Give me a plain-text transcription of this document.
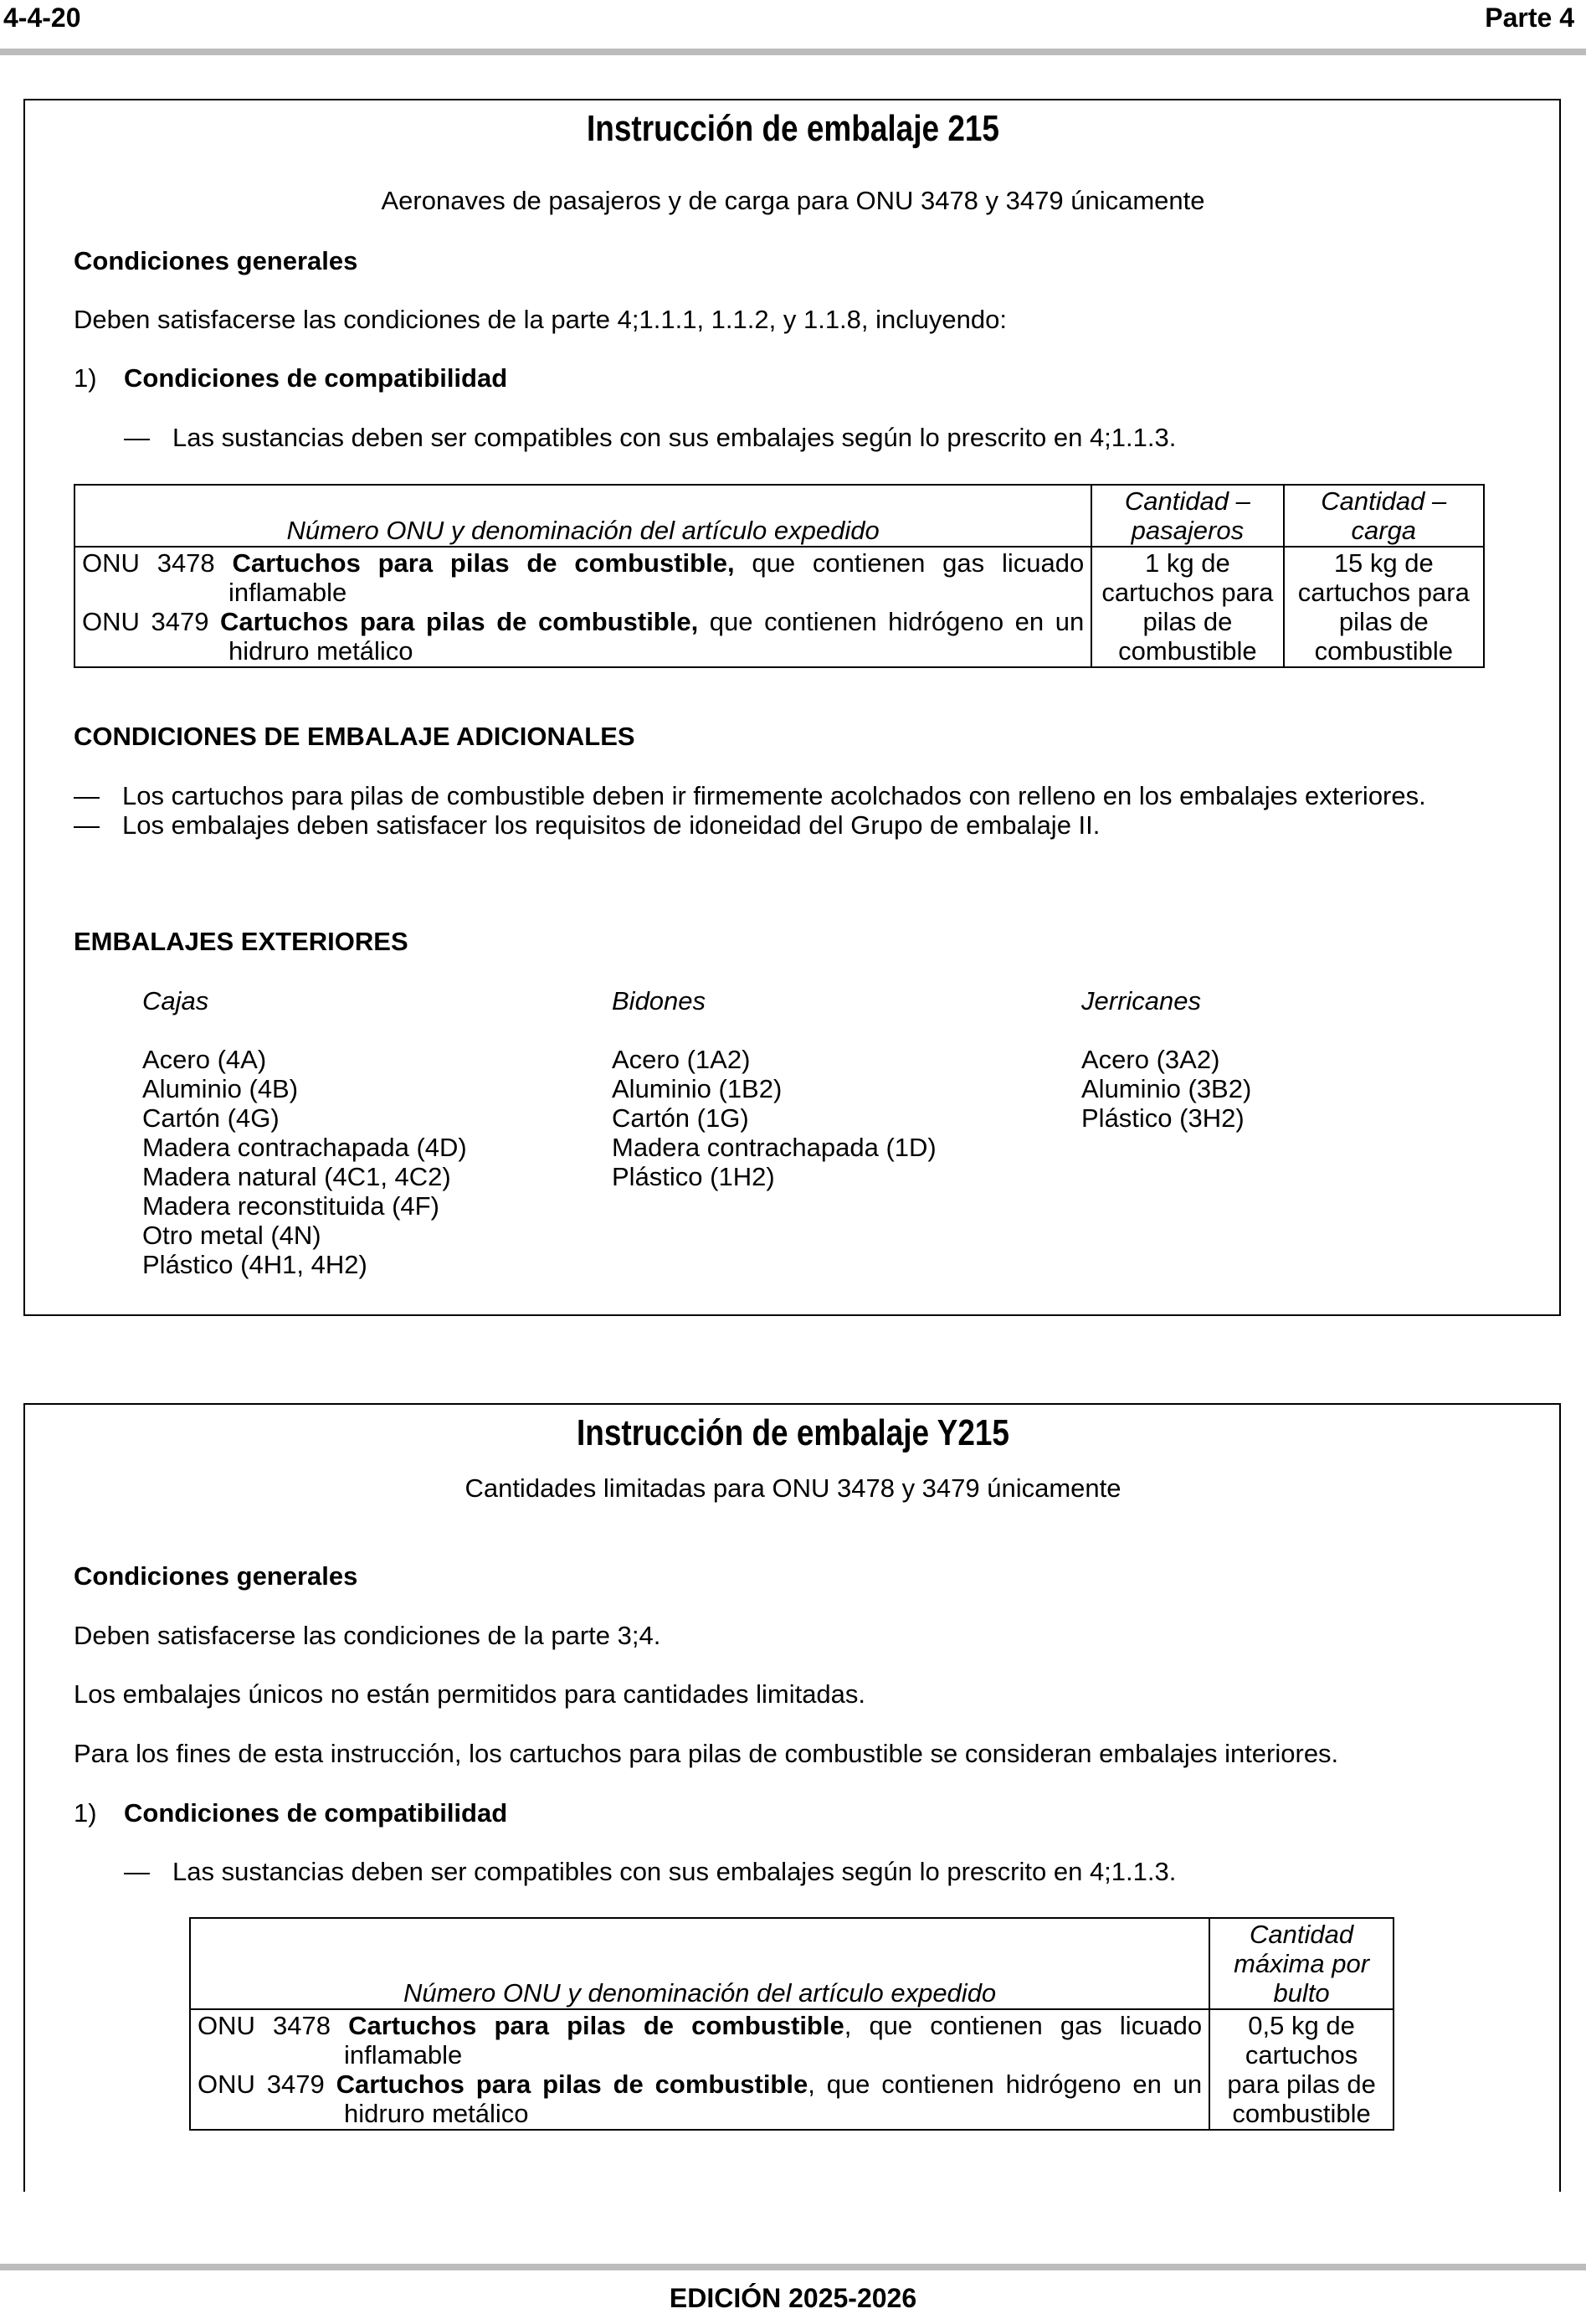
4-4-20	Parte 4
Instrucción de embalaje 215
Aeronaves de pasajeros y de carga para ONU 3478 y 3479 únicamente
Condiciones generales
Deben satisfacerse las condiciones de la parte 4;1.1.1, 1.1.2, y 1.1.8, incluyendo:
1) Condiciones de compatibilidad
— Las sustancias deben ser compatibles con sus embalajes según lo prescrito en 4;1.1.3.
Número ONU y denominación del artículo expedido	Cantidad – pasajeros	Cantidad – carga

ONU 3478 Cartuchos para pilas de combustible, que contienen gas licuado inflamable
ONU 3479 Cartuchos para pilas de combustible, que contienen hidrógeno en un hidruro metálico	1 kg de cartuchos para pilas de combustible	15 kg de cartuchos para pilas de combustible
CONDICIONES DE EMBALAJE ADICIONALES
— Los cartuchos para pilas de combustible deben ir firmemente acolchados con relleno en los embalajes exteriores.
— Los embalajes deben satisfacer los requisitos de idoneidad del Grupo de embalaje II.
EMBALAJES EXTERIORES
Cajas
Acero (4A)
Aluminio (4B)
Cartón (4G)
Madera contrachapada (4D)
Madera natural (4C1, 4C2)
Madera reconstituida (4F)
Otro metal (4N)
Plástico (4H1, 4H2)
Bidones
Acero (1A2)
Aluminio (1B2)
Cartón (1G)
Madera contrachapada (1D)
Plástico (1H2)
Jerricanes
Acero (3A2)
Aluminio (3B2)
Plástico (3H2)
Instrucción de embalaje Y215
Cantidades limitadas para ONU 3478 y 3479 únicamente
Condiciones generales
Deben satisfacerse las condiciones de la parte 3;4.
Los embalajes únicos no están permitidos para cantidades limitadas.
Para los fines de esta instrucción, los cartuchos para pilas de combustible se consideran embalajes interiores.
1) Condiciones de compatibilidad
— Las sustancias deben ser compatibles con sus embalajes según lo prescrito en 4;1.1.3.
Número ONU y denominación del artículo expedido	Cantidad máxima por bulto

ONU 3478 Cartuchos para pilas de combustible, que contienen gas licuado inflamable
ONU 3479 Cartuchos para pilas de combustible, que contienen hidrógeno en un hidruro metálico	0,5 kg de cartuchos para pilas de combustible
EDICIÓN 2025-2026
